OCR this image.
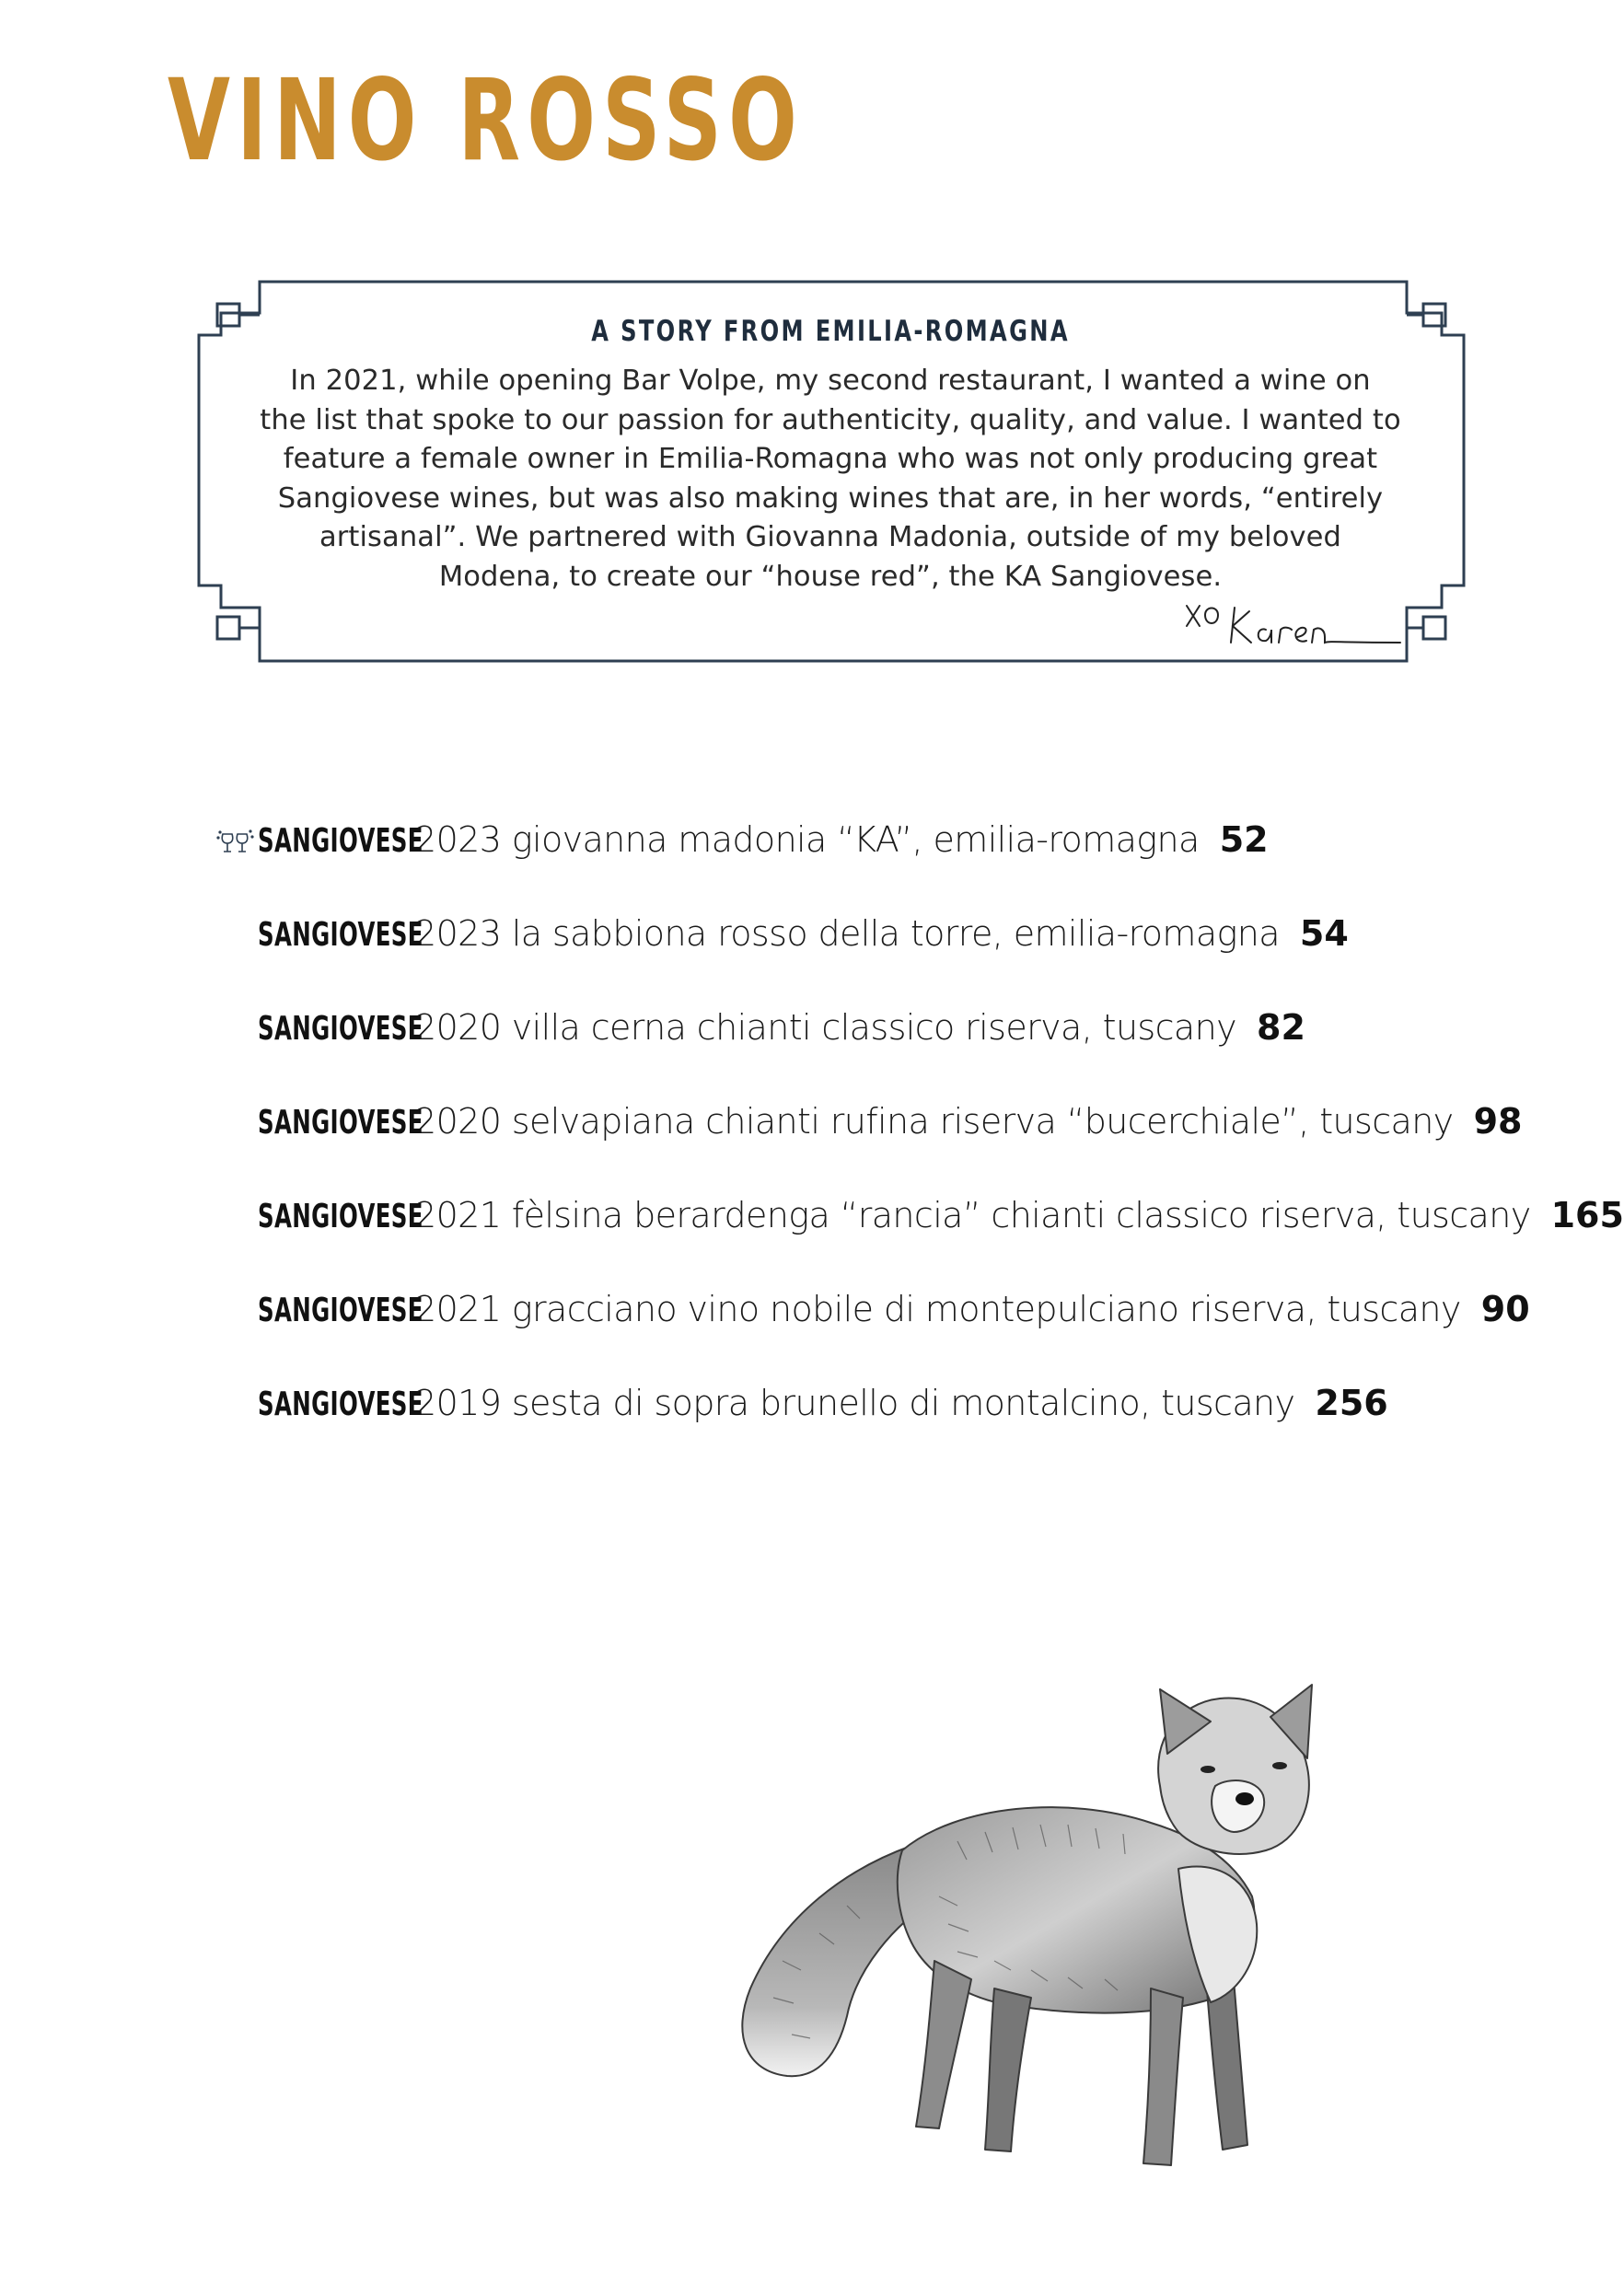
VINO ROSSO
A STORY FROM EMILIA-ROMAGNA

In 2021, while opening Bar Volpe, my second restaurant, I wanted a wine on

the list that spoke to our passion for authenticity, quality, and value. I wanted to

feature a female owner in Emilia-Romagna who was not only producing great

Sangiovese wines, but was also making wines that are, in her words, “entirely

artisanal”. We partnered with Giovanna Madonia, outside of my beloved

Modena, to create our “house red”, the KA Sangiovese.

SANGIOVESE
2023 giovanna madonia “KA”, emilia-romagna 52
SANGIOVESE
2023 la sabbiona rosso della torre, emilia-romagna 54
SANGIOVESE
2020 villa cerna chianti classico riserva, tuscany 82
SANGIOVESE
2020 selvapiana chianti rufina riserva “bucerchiale”, tuscany 98
SANGIOVESE
2021 fèlsina berardenga “rancia” chianti classico riserva, tuscany 165
SANGIOVESE
2021 gracciano vino nobile di montepulciano riserva, tuscany 90
SANGIOVESE
2019 sesta di sopra brunello di montalcino, tuscany 256
